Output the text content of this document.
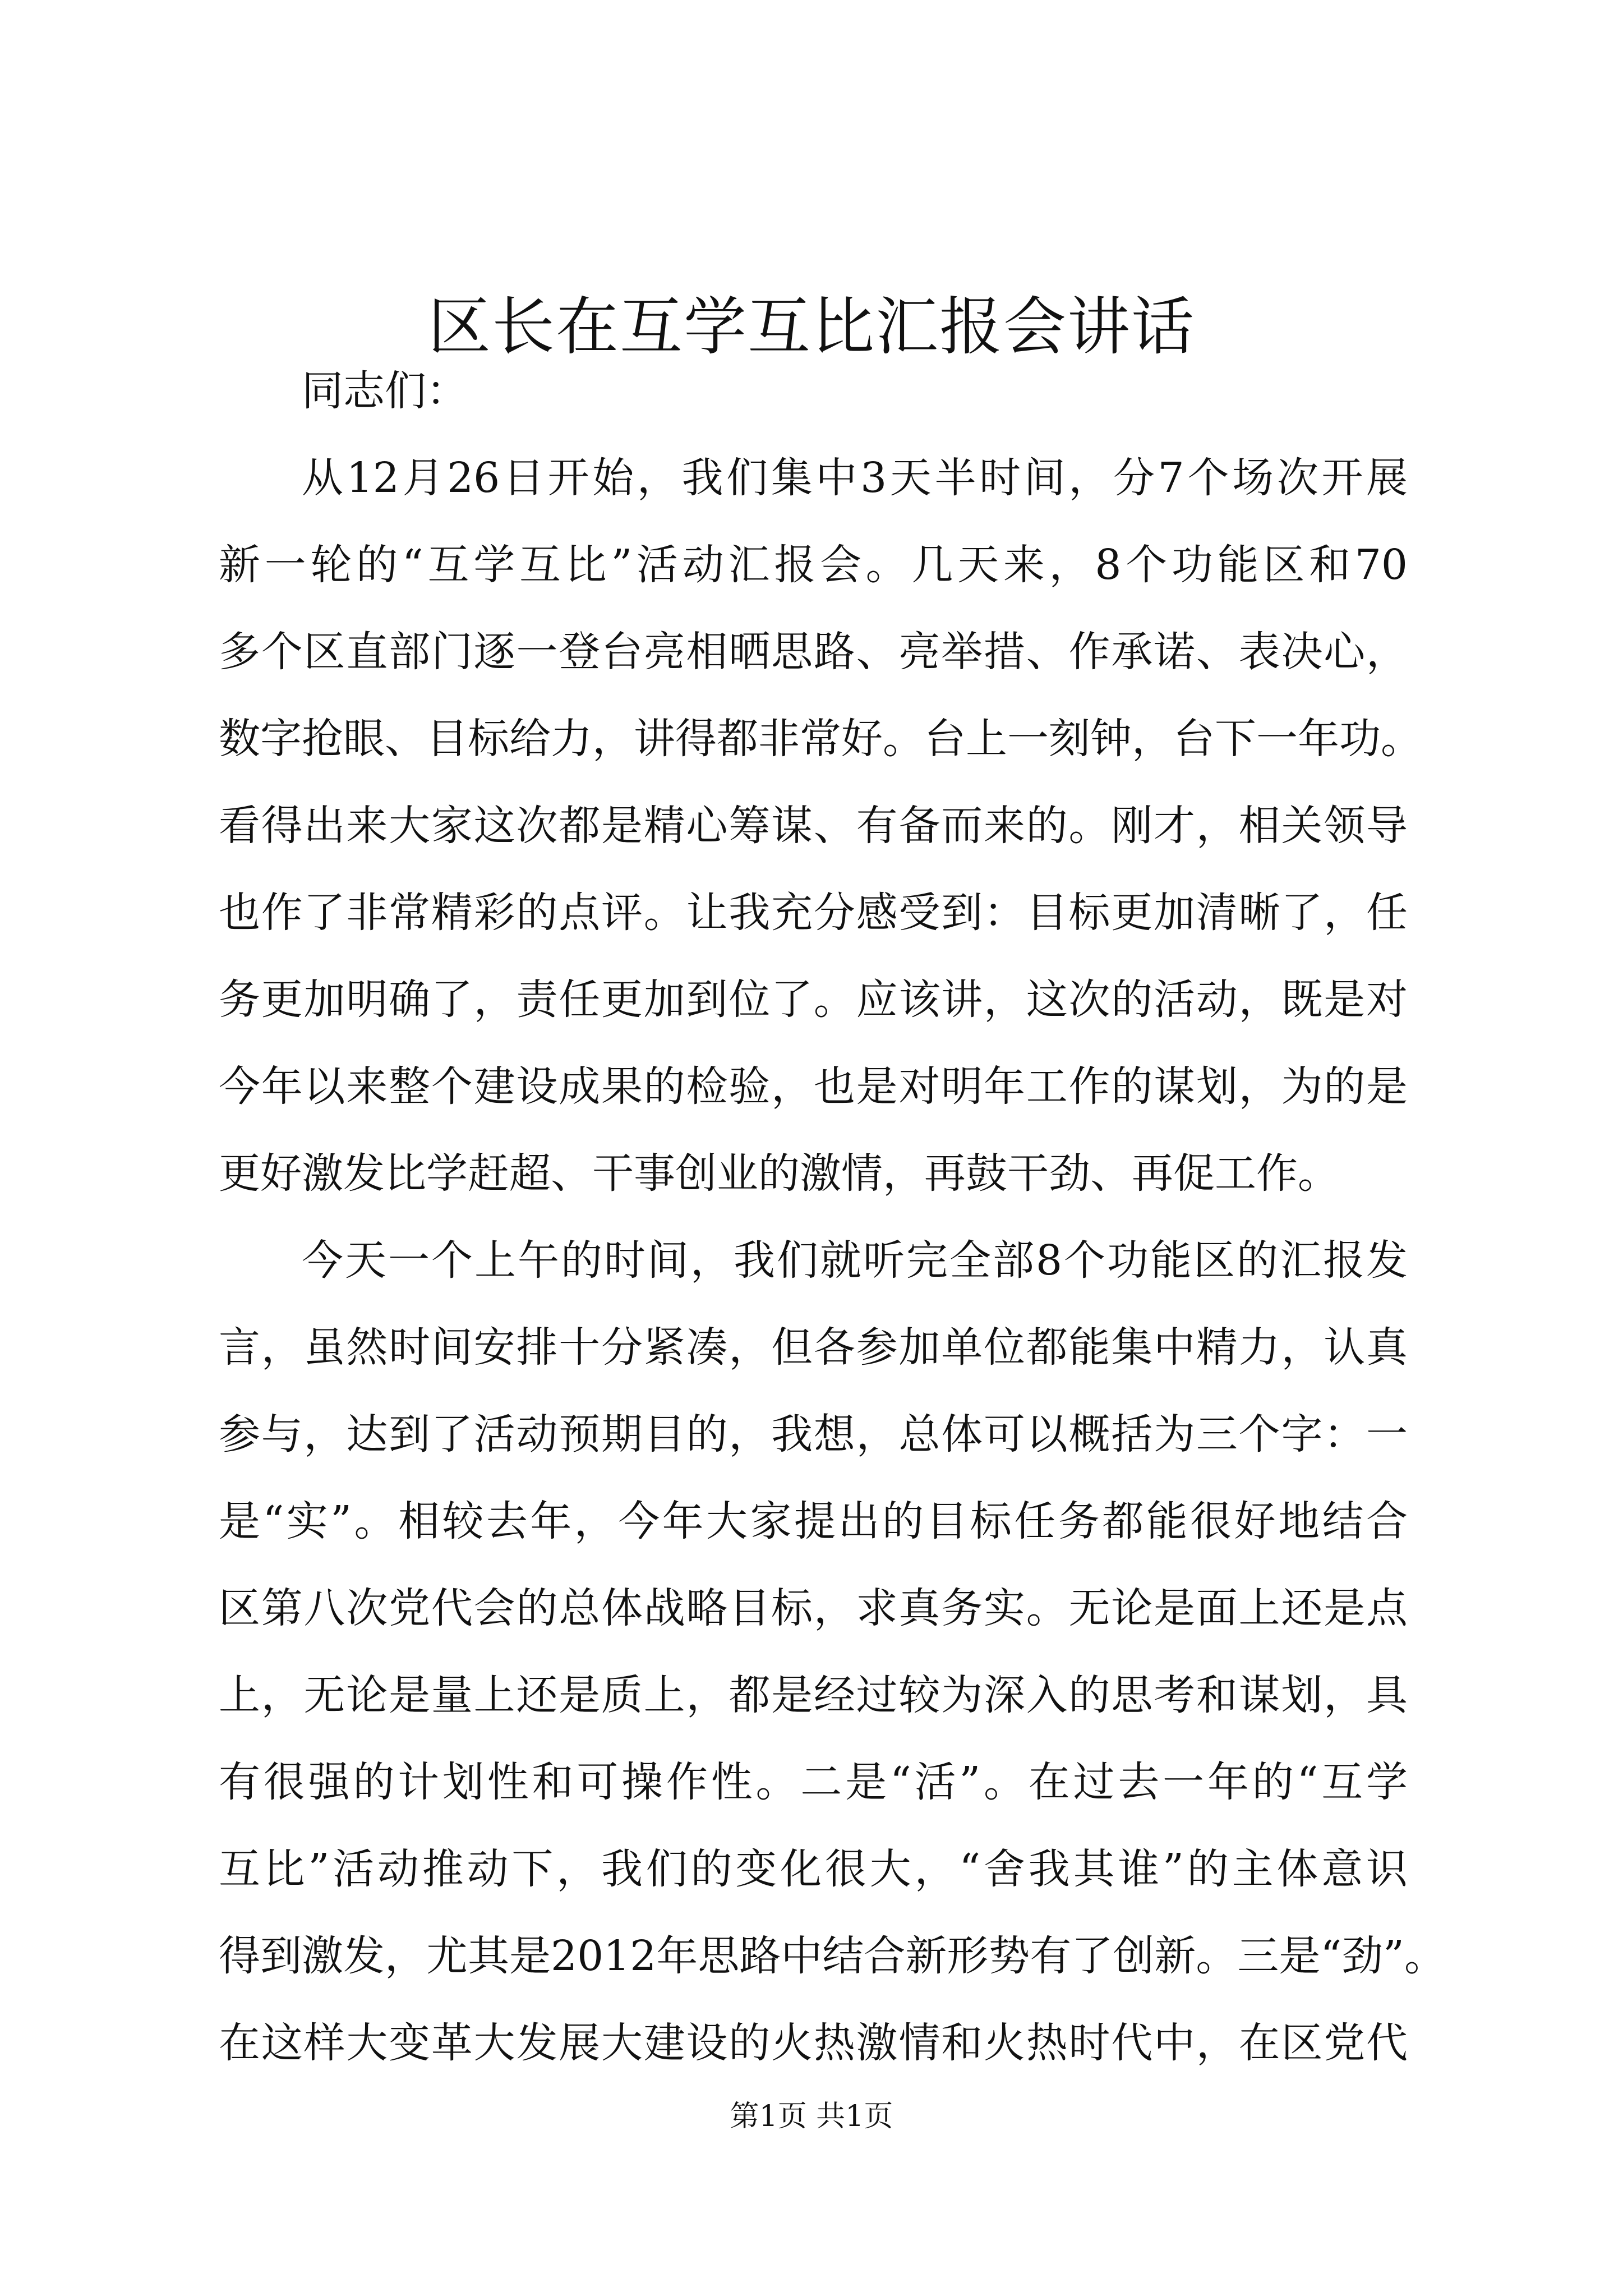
区长在互学互比汇报会讲话
同志们：
从12月26日开始，我们集中3天半时间，分7个场次开展
新一轮的“互学互比”活动汇报会。几天来，8个功能区和70
多个区直部门逐一登台亮相晒思路、亮举措、作承诺、表决心，
数字抢眼、目标给力，讲得都非常好。台上一刻钟，台下一年功。
看得出来大家这次都是精心筹谋、有备而来的。刚才，相关领导
也作了非常精彩的点评。让我充分感受到：目标更加清晰了，任
务更加明确了，责任更加到位了。应该讲，这次的活动，既是对
今年以来整个建设成果的检验，也是对明年工作的谋划，为的是
更好激发比学赶超、干事创业的激情，再鼓干劲、再促工作。
今天一个上午的时间，我们就听完全部8个功能区的汇报发
言，虽然时间安排十分紧凑，但各参加单位都能集中精力，认真
参与，达到了活动预期目的，我想，总体可以概括为三个字：一
是“实”。相较去年，今年大家提出的目标任务都能很好地结合
区第八次党代会的总体战略目标，求真务实。无论是面上还是点
上，无论是量上还是质上，都是经过较为深入的思考和谋划，具
有很强的计划性和可操作性。二是“活”。在过去一年的“互学
互比”活动推动下，我们的变化很大，“舍我其谁”的主体意识
得到激发，尤其是2012年思路中结合新形势有了创新。三是“劲”。
在这样大变革大发展大建设的火热激情和火热时代中，在区党代
第1页 共1页
